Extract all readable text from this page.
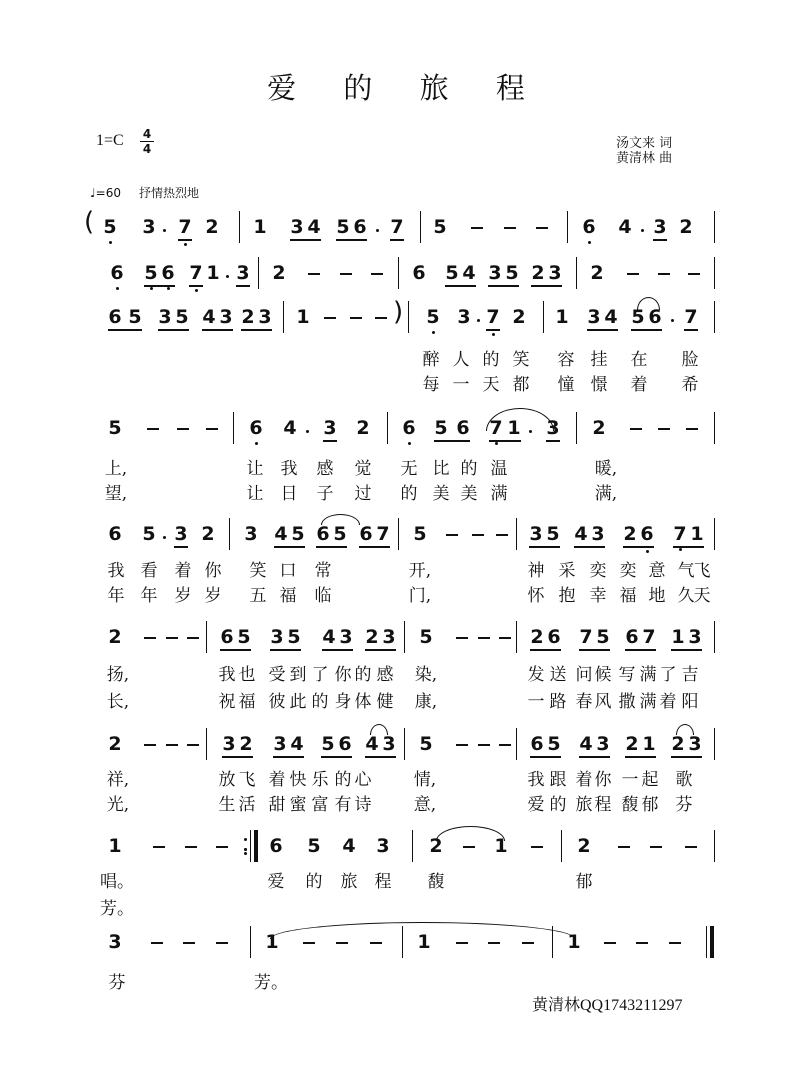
爱 的 旅 程
1=C 4
4	汤文来 词
黄清林 曲
♩=60 抒情热烈地
黄清林QQ1743211297
( 5 3 7 2 1 3 4 5 6 7 5	6 4 3 2
6 5 6 7 1 3 2	6 5 4 3 5 2 3 2
6 5 3 5 4 3 2 3 1	) 5 3 7 2 1 3 4 5 6 7
醉 人 的 笑 容 挂 在 脸
每 一 天 都 憧 憬 着 希
5	6 4 3 2 6 5 6 7 1 3 2
上,	让 我 感 觉 无 比 的 温	暖,
望,	让 日 子 过 的 美 美 满	满,
6 5 3 2 3 4 5 6 5 6 7 5	3 5 4 3 2 6 7 1
我 看 着 你 笑 口 常	开,	神 采 奕 奕 意 气 飞
年 年 岁 岁 五 福 临	门,	怀 抱 幸 福 地 久 天
2	6 5 3 5 4 3 2 3 5	2 6 7 5 6 7 1 3
扬,	我 也 受 到 了 你 的 感 染,	发 送 问 候 写 满 了 吉
长,	祝 福 彼 此 的 身 体 健 康,	一 路 春 风 撒 满 着 阳
2	3 2 3 4 5 6 4 3 5	6 5 4 3 2 1 2 3
祥,	放 飞 着 快 乐 的 心 情,	我 跟 着 你 一 起 歌
光,	生 活 甜 蜜 富 有 诗 意,	爱 的 旅 程 馥 郁 芬
1	6 5 4 3 2	1	2
唱。	爱 的 旅 程 馥	郁
芳。
3	1	1	1
芬	芳。
